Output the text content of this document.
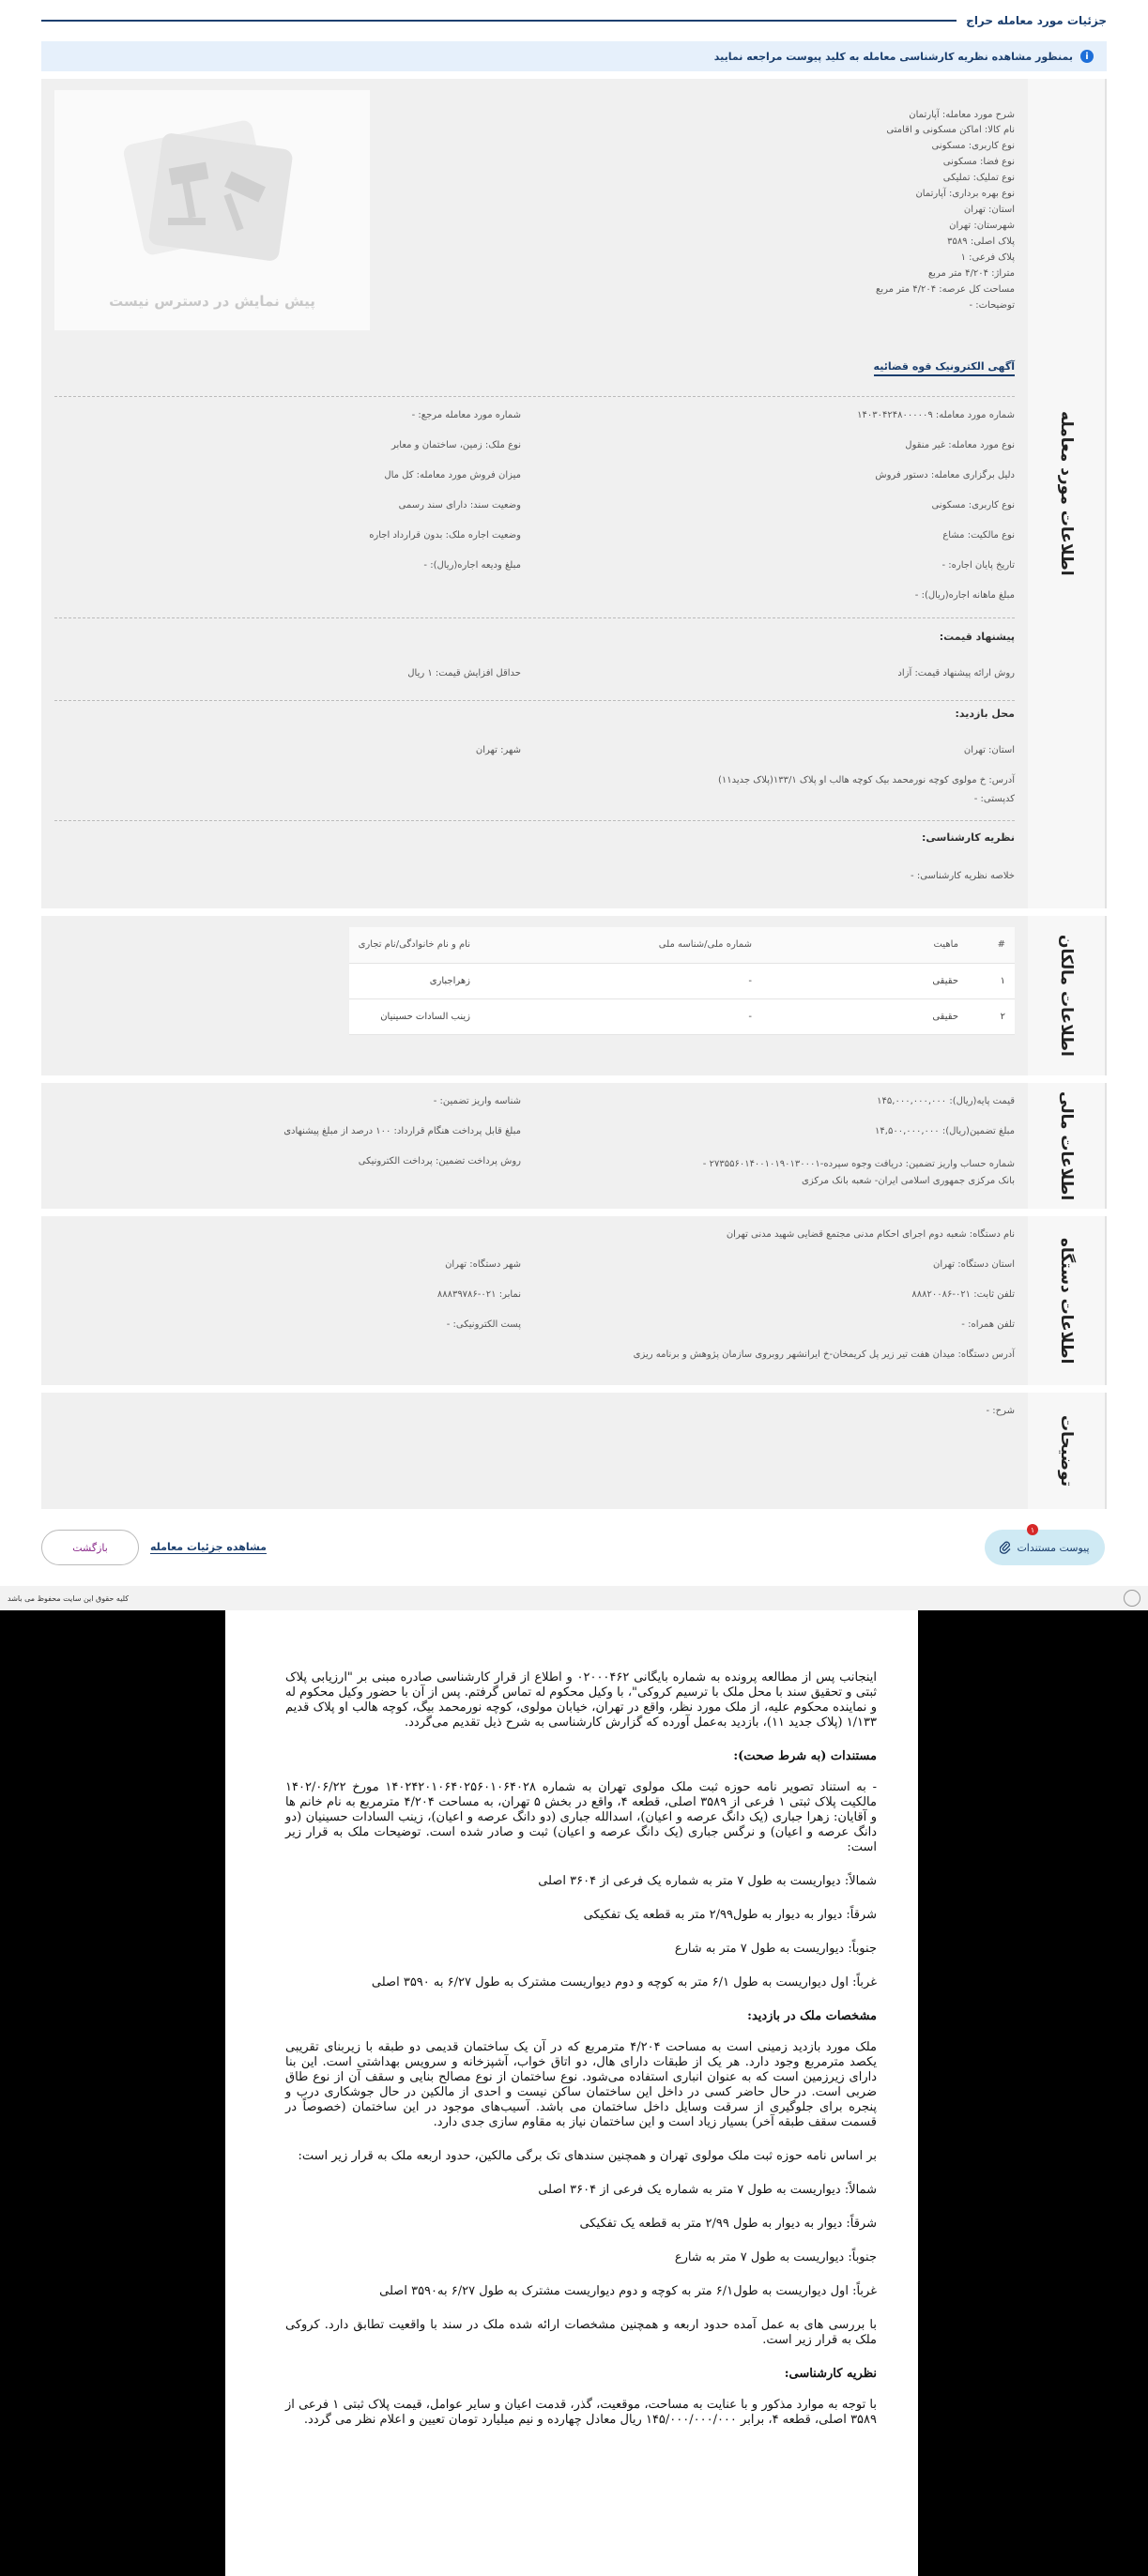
جزئیات مورد معامله حراج
i
بمنظور مشاهده نظریه کارشناسی معامله به کلید پیوست مراجعه نمایید
اطلاعات مورد معامله
پیش نمایش در دسترس نیست
شرح مورد معامله: آپارتمان
نام کالا: اماکن مسکونی و اقامتی
نوع کاربری: مسکونی
نوع فضا: مسکونی
نوع تملیک: تملیکی
نوع بهره برداری: آپارتمان
استان: تهران
شهرستان: تهران
پلاک اصلی: ۳۵۸۹
پلاک فرعی: ۱
متراژ: ۴/۲۰۴ متر مربع
مساحت کل عرصه: ۴/۲۰۴ متر مربع
توضیحات: -
آگهی الکترونیک قوه قضائیه
شماره مورد معامله: ۱۴۰۳۰۴۲۴۸۰۰۰۰۰۹
نوع مورد معامله: غیر منقول
دلیل برگزاری معامله: دستور فروش
نوع کاربری: مسکونی
نوع مالکیت: مشاع
تاریخ پایان اجاره: -
مبلغ ماهانه اجاره(ریال): -
شماره مورد معامله مرجع: -
نوع ملک: زمین، ساختمان و معابر
میزان فروش مورد معامله: کل مال
وضعیت سند: دارای سند رسمی
وضعیت اجاره ملک: بدون قرارداد اجاره
مبلغ ودیعه اجاره(ریال): -
پیشنهاد قیمت:
روش ارائه پیشنهاد قیمت: آزاد
حداقل افزایش قیمت: ۱ ریال
محل بازدید:
استان: تهران
شهر: تهران
آدرس: خ مولوی کوچه نورمحمد بیک کوچه هالب او پلاک ۱۳۳/۱(پلاک جدید۱۱)
کدپستی: -
نظریه کارشناسی:
خلاصه نظریه کارشناسی: -
اطلاعات مالکان
#	ماهیت	شماره ملی/شناسه ملی	نام و نام خانوادگی/نام تجاری
۱	حقیقی	-	زهراجباری
۲	حقیقی	-	زینب السادات حسینیان
اطلاعات مالی
قیمت پایه(ریال): ۱۴۵,۰۰۰,۰۰۰,۰۰۰
شناسه واریز تضمین: -
مبلغ تضمین(ریال): ۱۴,۵۰۰,۰۰۰,۰۰۰
مبلغ قابل پرداخت هنگام قرارداد: ۱۰۰ درصد از مبلغ پیشنهادی
شماره حساب واریز تضمین: دریافت وجوه سپرده-۲۷۳۵۵۶۰۱۴۰۰۱۰۱۹۰۱۳۰۰۰۱ - بانک مرکزی جمهوری اسلامی ایران- شعبه بانک مرکزی
روش پرداخت تضمین: پرداخت الکترونیکی
اطلاعات دستگاه
نام دستگاه: شعبه دوم اجرای احکام مدنی مجتمع قضایی شهید مدنی تهران
استان دستگاه: تهران
شهر دستگاه: تهران
تلفن ثابت: ۰۲۱-۸۸۸۲۰۰۸۶
نمابر: ۰۲۱-۸۸۸۳۹۷۸۶
تلفن همراه: -
پست الکترونیکی: -
آدرس دستگاه: میدان هفت تیر زیر پل کریمخان-خ ایرانشهر روبروی سازمان پژوهش و برنامه ریزی
توضیحات
شرح: -
پیوست مستندات
۱
مشاهده جزئیات معامله
بازگشت
کلیه حقوق این سایت محفوظ می باشد

اینجانب پس از مطالعه پرونده به شماره بایگانی ۰۲۰۰۰۴۶۲ و اطلاع از قرار کارشناسی صادره مبنی بر "ارزیابی پلاک ثبتی و تحقیق سند با محل ملک با ترسیم کروکی"، با وکیل محکوم له تماس گرفتم. پس از آن با حضور وکیل محکوم له و نماینده محکوم علیه، از ملک مورد نظر، واقع در تهران، خیابان مولوی، کوچه نورمحمد بیگ، کوچه هالب او پلاک قدیم ۱/۱۳۳ (پلاک جدید ۱۱)، بازدید به‌عمل آورده که گزارش کارشناسی به شرح ذیل تقدیم می‌گردد.

مستندات (به شرط صحت):

- به استناد تصویر نامه حوزه ثبت ملک مولوی تهران به شماره ۱۴۰۲۴۲۰۱۰۶۴۰۲۵۶۰۱۰۶۴۰۲۸ مورخ ۱۴۰۲/۰۶/۲۲ مالکیت پلاک ثبتی ۱ فرعی از ۳۵۸۹ اصلی، قطعه ۴، واقع در بخش ۵ تهران، به مساحت ۴/۲۰۴ مترمربع به نام خانم ها و آقایان: زهرا جباری (یک دانگ عرصه و اعیان)، اسدالله جباری (دو دانگ عرصه و اعیان)، زینب السادات حسینیان (دو دانگ عرصه و اعیان) و نرگس جباری (یک دانگ عرصه و اعیان) ثبت و صادر شده است. توضیحات ملک به قرار زیر است:

شمالاً: دیواریست به طول ۷ متر به شماره یک فرعی از ۳۶۰۴ اصلی

شرقاً: دیوار به دیوار به طول۲/۹۹ متر به قطعه یک تفکیکی

جنوباً: دیواریست به طول ۷ متر به شارع

غرباً: اول دیواریست به طول ۶/۱ متر به کوچه و دوم دیواریست مشترک به طول ۶/۲۷ به ۳۵۹۰ اصلی

مشخصات ملک در بازدید:

ملک مورد بازدید زمینی است به مساحت ۴/۲۰۴ مترمربع که در آن یک ساختمان قدیمی دو طبقه با زیربنای تقریبی یکصد مترمربع وجود دارد. هر یک از طبقات دارای هال، دو اتاق خواب، آشپزخانه و سرویس بهداشتی است. این بنا دارای زیرزمین است که به عنوان انباری استفاده می‌شود. نوع ساختمان از نوع مصالح بنایی و سقف آن از نوع طاق ضربی است. در حال حاضر کسی در داخل این ساختمان ساکن نیست و احدی از مالکین در حال جوشکاری درب و پنجره برای جلوگیری از سرقت وسایل داخل ساختمان می باشد. آسیب‌های موجود در این ساختمان (خصوصاً در قسمت سقف طبقه آخر) بسیار زیاد است و این ساختمان نیاز به مقاوم سازی جدی دارد.

بر اساس نامه حوزه ثبت ملک مولوی تهران و همچنین سندهای تک برگی مالکین، حدود اربعه ملک به قرار زیر است:

شمالاً: دیواریست به طول ۷ متر به شماره یک فرعی از ۳۶۰۴ اصلی

شرقاً: دیوار به دیوار به طول ۲/۹۹ متر به قطعه یک تفکیکی

جنوباً: دیواریست به طول ۷ متر به شارع

غرباً: اول دیواریست به طول۶/۱ متر به کوچه و دوم دیواریست مشترک به طول ۶/۲۷ به۳۵۹۰ اصلی

با بررسی های به عمل آمده حدود اربعه و همچنین مشخصات ارائه شده ملک در سند با واقعیت تطابق دارد. کروکی ملک به قرار زیر است.

نظریه کارشناسی:

با توجه به موارد مذکور و با عنایت به مساحت، موقعیت، گذر، قدمت اعیان و سایر عوامل، قیمت پلاک ثبتی ۱ فرعی از ۳۵۸۹ اصلی، قطعه ۴، برابر ۱۴۵/۰۰۰/۰۰۰/۰۰۰ ریال معادل چهارده و نیم میلیارد تومان تعیین و اعلام نظر می گردد.
